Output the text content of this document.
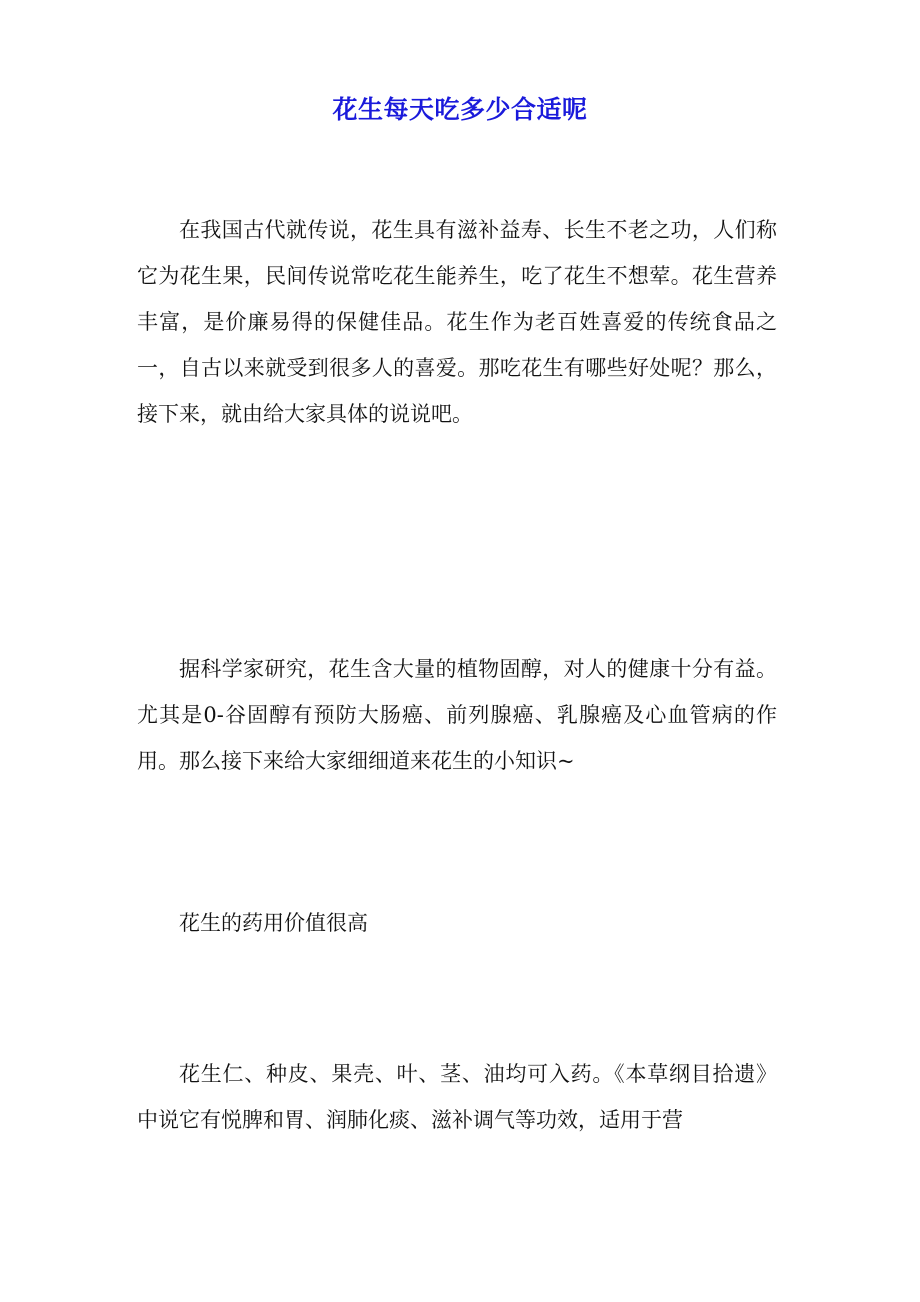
花生每天吃多少合适呢

在我国古代就传说，花生具有滋补益寿、长生不老之功，人们称它为花生果，民间传说常吃花生能养生，吃了花生不想荤。花生营养丰富，是价廉易得的保健佳品。花生作为老百姓喜爱的传统食品之一，自古以来就受到很多人的喜爱。那吃花生有哪些好处呢？那么，接下来，就由给大家具体的说说吧。

据科学家研究，花生含大量的植物固醇，对人的健康十分有益。尤其是0-谷固醇有预防大肠癌、前列腺癌、乳腺癌及心血管病的作用。那么接下来给大家细细道来花生的小知识~

花生的药用价值很高

花生仁、种皮、果壳、叶、茎、油均可入药。《本草纲目拾遗》中说它有悦脾和胃、润肺化痰、滋补调气等功效，适用于营
